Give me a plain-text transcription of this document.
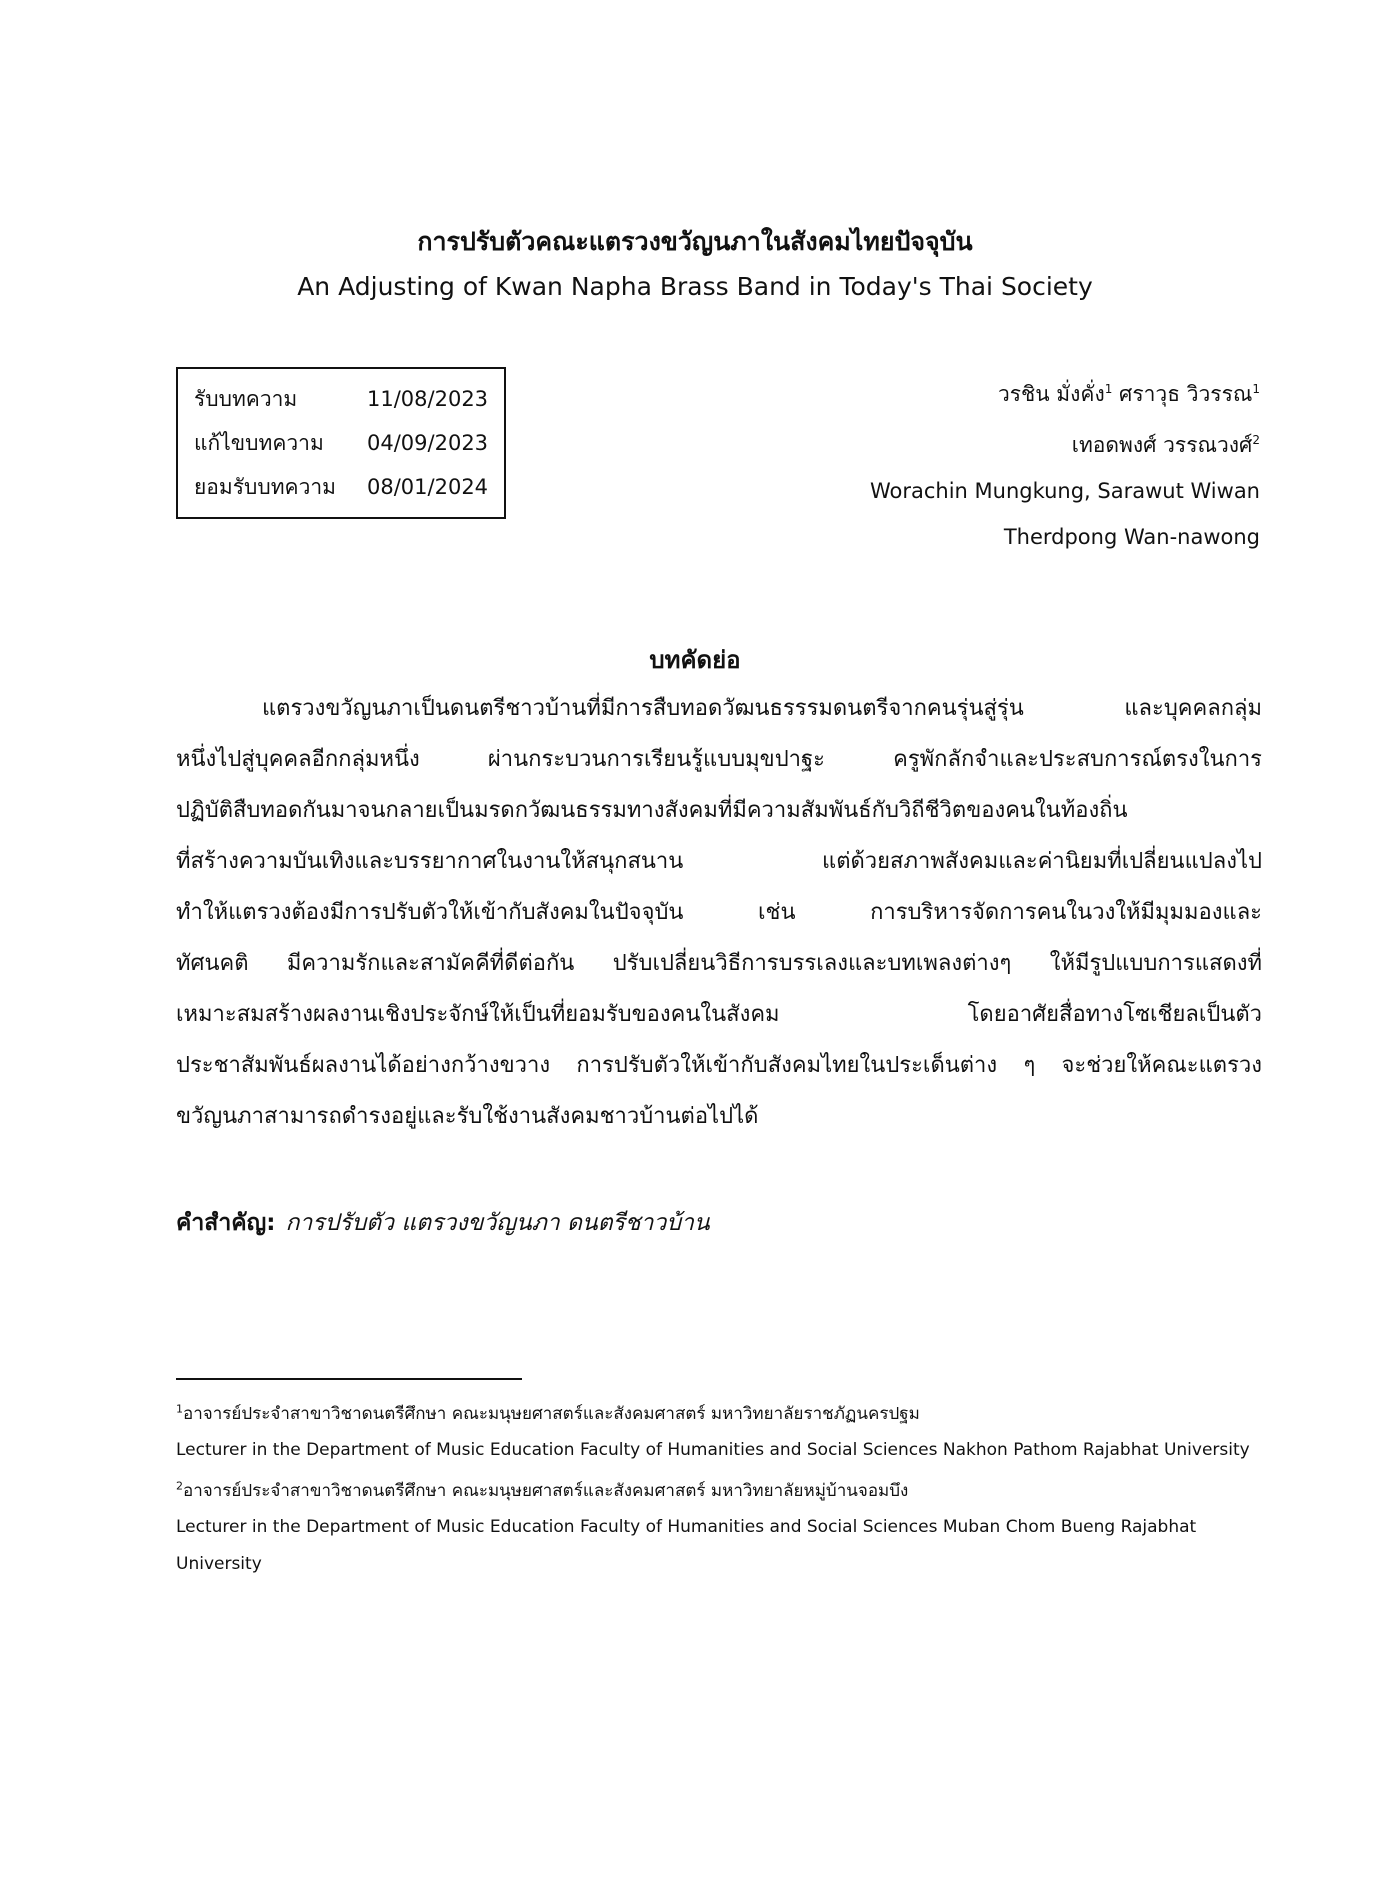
การปรับตัวคณะแตรวงขวัญนภาในสังคมไทยปัจจุบัน
An Adjusting of Kwan Napha Brass Band in Today's Thai Society
รับบทความ	11/08/2023
แก้ไขบทความ 04/09/2023
ยอมรับบทความ 08/01/2024
วรชิน มั่งคั่ง$^1$ ศราวุธ วิวรรณ$^1$
เทอดพงศ์ วรรณวงศ์$^2$
Worachin Mungkung, Sarawut Wiwan
Therdpong Wan-nawong
บทคัดย่อ
แตรวงขวัญนภาเป็นดนตรีชาวบ้านที่มีการสืบทอดวัฒนธรรรมดนตรีจากคนรุ่นสู่รุ่น และบุคคลกลุ่ม
หนึ่งไปสู่บุคคลอีกกลุ่มหนึ่ง ผ่านกระบวนการเรียนรู้แบบมุขปาฐะ ครูพักลักจำและประสบการณ์ตรงในการ
ปฏิบัติสืบทอดกันมาจนกลายเป็นมรดกวัฒนธรรมทางสังคมที่มีความสัมพันธ์กับวิถีชีวิตของคนในท้องถิ่น
ที่สร้างความบันเทิงและบรรยากาศในงานให้สนุกสนาน แต่ด้วยสภาพสังคมและค่านิยมที่เปลี่ยนแปลงไป
ทำให้แตรวงต้องมีการปรับตัวให้เข้ากับสังคมในปัจจุบัน เช่น การบริหารจัดการคนในวงให้มีมุมมองและ
ทัศนคติ มีความรักและสามัคคีที่ดีต่อกัน ปรับเปลี่ยนวิธีการบรรเลงและบทเพลงต่างๆ ให้มีรูปแบบการแสดงที่
เหมาะสมสร้างผลงานเชิงประจักษ์ให้เป็นที่ยอมรับของคนในสังคม โดยอาศัยสื่อทางโซเชียลเป็นตัว
ประชาสัมพันธ์ผลงานได้อย่างกว้างขวาง การปรับตัวให้เข้ากับสังคมไทยในประเด็นต่าง ๆ จะช่วยให้คณะแตรวง
ขวัญนภาสามารถดำรงอยู่และรับใช้งานสังคมชาวบ้านต่อไปได้
คำสำคัญ: การปรับตัว แตรวงขวัญนภา ดนตรีชาวบ้าน
$^1$อาจารย์ประจำสาขาวิชาดนตรีศึกษา คณะมนุษยศาสตร์และสังคมศาสตร์ มหาวิทยาลัยราชภัฏนครปฐม
Lecturer in the Department of Music Education Faculty of Humanities and Social Sciences Nakhon Pathom Rajabhat University
$^2$อาจารย์ประจำสาขาวิชาดนตรีศึกษา คณะมนุษยศาสตร์และสังคมศาสตร์ มหาวิทยาลัยหมู่บ้านจอมบึง
Lecturer in the Department of Music Education Faculty of Humanities and Social Sciences Muban Chom Bueng Rajabhat
University
